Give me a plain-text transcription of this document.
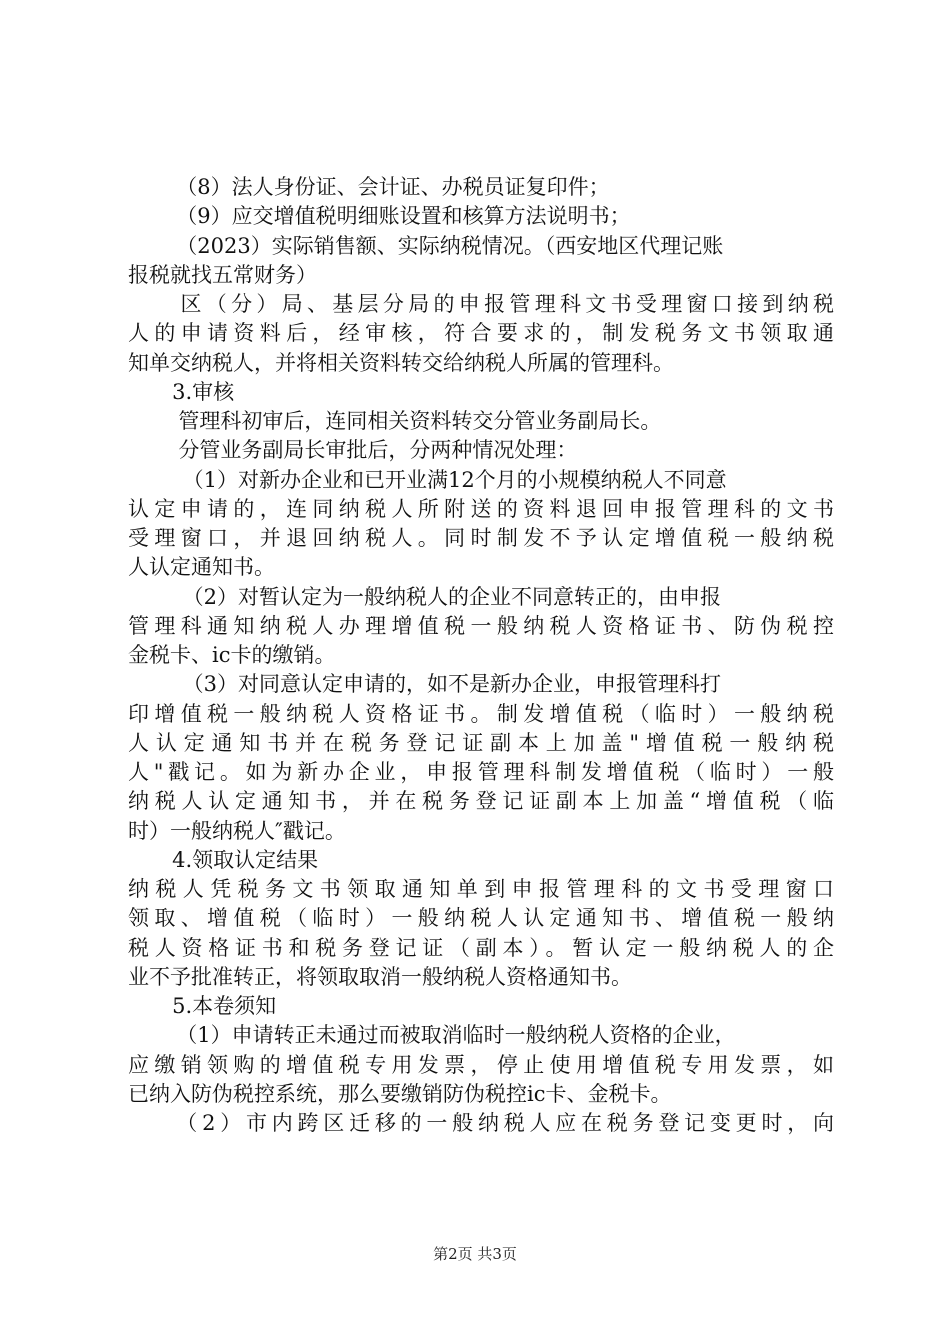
（8）法人身份证、会计证、办税员证复印件；
（9）应交增值税明细账设置和核算方法说明书；
（2023）实际销售额、实际纳税情况。（西安地区代理记账
报税就找五常财务）
区（分）局、基层分局的申报管理科文书受理窗口接到纳税
人的申请资料后，经审核，符合要求的，制发税务文书领取通
知单交纳税人，并将相关资料转交给纳税人所属的管理科。
3.审核
管理科初审后，连同相关资料转交分管业务副局长。
分管业务副局长审批后，分两种情况处理：
（1）对新办企业和已开业满12个月的小规模纳税人不同意
认定申请的，连同纳税人所附送的资料退回申报管理科的文书
受理窗口，并退回纳税人。同时制发不予认定增值税一般纳税
人认定通知书。
（2）对暂认定为一般纳税人的企业不同意转正的，由申报
管理科通知纳税人办理增值税一般纳税人资格证书、防伪税控
金税卡、ic卡的缴销。
（3）对同意认定申请的，如不是新办企业，申报管理科打
印增值税一般纳税人资格证书。制发增值税（临时）一般纳税
人认定通知书并在税务登记证副本上加盖"增值税一般纳税
人"戳记。如为新办企业，申报管理科制发增值税（临时）一般
纳税人认定通知书，并在税务登记证副本上加盖“增值税（临
时）一般纳税人″戳记。
4.领取认定结果
纳税人凭税务文书领取通知单到申报管理科的文书受理窗口
领取、增值税（临时）一般纳税人认定通知书、增值税一般纳
税人资格证书和税务登记证（副本）。暂认定一般纳税人的企
业不予批准转正，将领取取消一般纳税人资格通知书。
5.本卷须知
（1）申请转正未通过而被取消临时一般纳税人资格的企业，
应缴销领购的增值税专用发票，停止使用增值税专用发票，如
已纳入防伪税控系统，那么要缴销防伪税控ic卡、金税卡。
（2）市内跨区迁移的一般纳税人应在税务登记变更时，向
第2页 共3页
